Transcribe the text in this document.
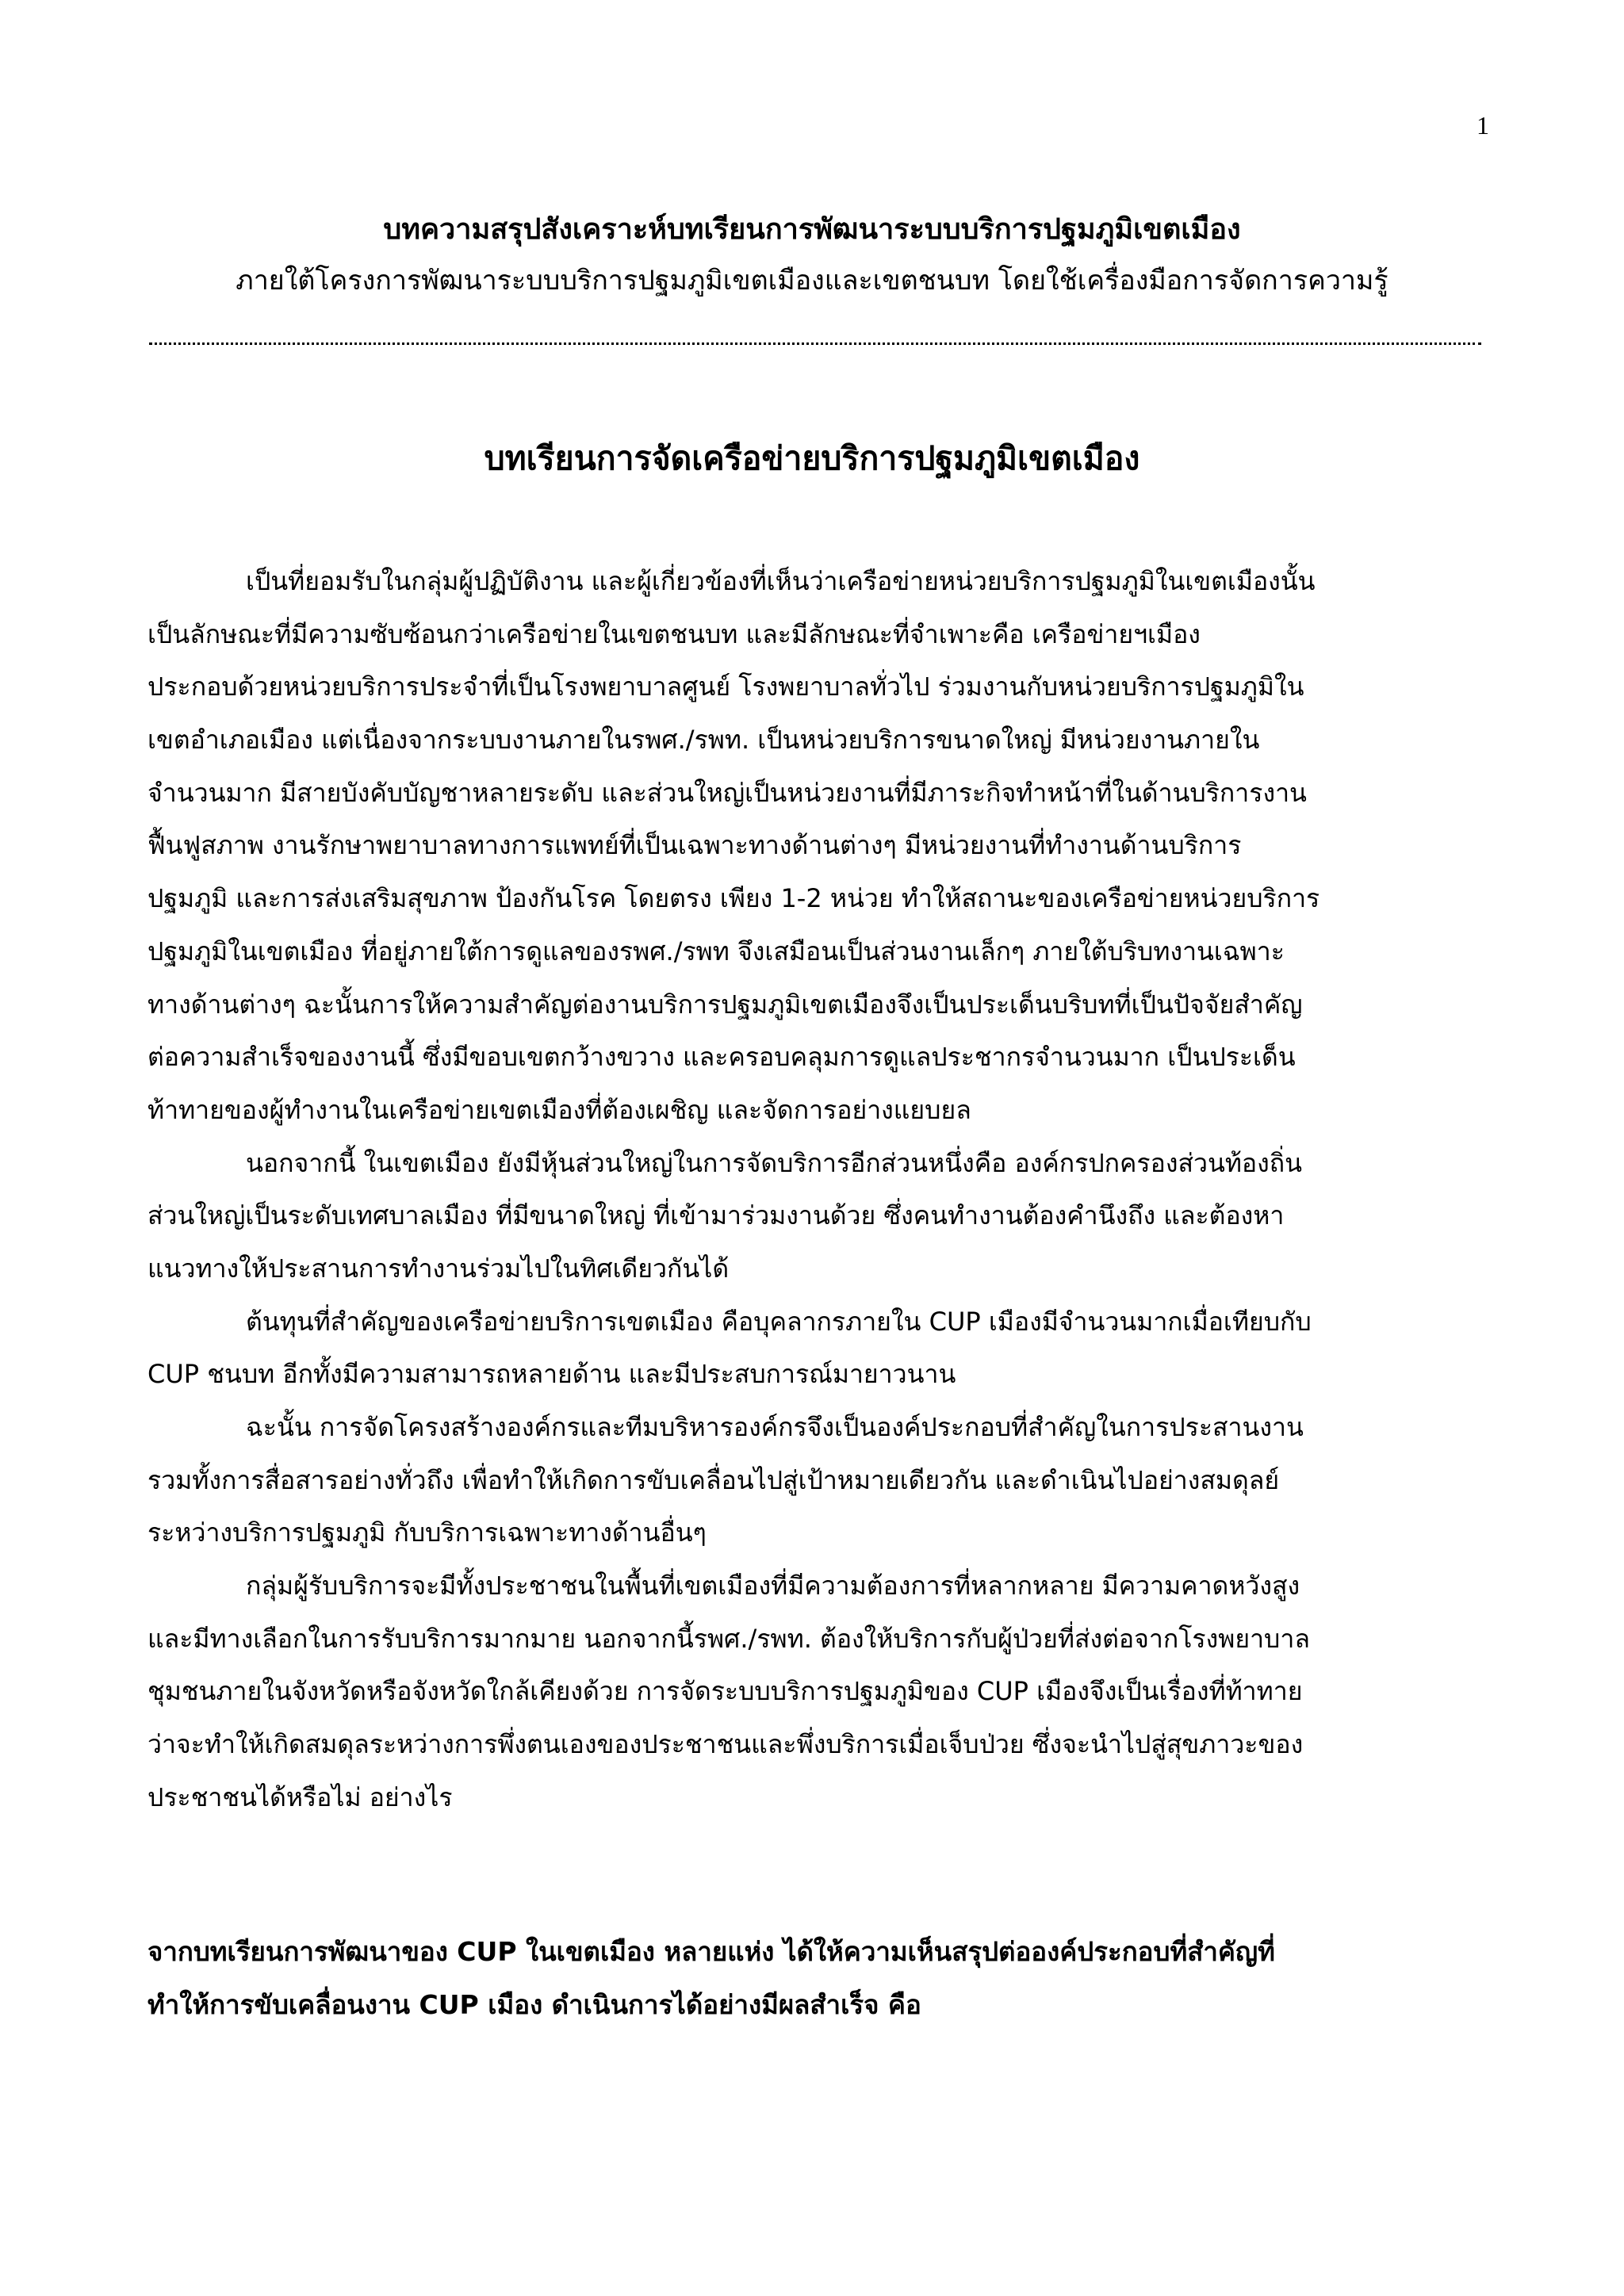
1
บทความสรุปสังเคราะห์บทเรียนการพัฒนาระบบบริการปฐมภูมิเขตเมือง
ภายใต้โครงการพัฒนาระบบบริการปฐมภูมิเขตเมืองและเขตชนบท โดยใช้เครื่องมือการจัดการความรู้
บทเรียนการจัดเครือข่ายบริการปฐมภูมิเขตเมือง
เป็นที่ยอมรับในกลุ่มผู้ปฏิบัติงาน และผู้เกี่ยวข้องที่เห็นว่าเครือข่ายหน่วยบริการปฐมภูมิในเขตเมืองนั้น
เป็นลักษณะที่มีความซับซ้อนกว่าเครือข่ายในเขตชนบท และมีลักษณะที่จำเพาะคือ เครือข่ายฯเมือง
ประกอบด้วยหน่วยบริการประจำที่เป็นโรงพยาบาลศูนย์ โรงพยาบาลทั่วไป ร่วมงานกับหน่วยบริการปฐมภูมิใน
เขตอำเภอเมือง แต่เนื่องจากระบบงานภายในรพศ./รพท. เป็นหน่วยบริการขนาดใหญ่ มีหน่วยงานภายใน
จำนวนมาก มีสายบังคับบัญชาหลายระดับ และส่วนใหญ่เป็นหน่วยงานที่มีภาระกิจทำหน้าที่ในด้านบริการงาน
ฟื้นฟูสภาพ งานรักษาพยาบาลทางการแพทย์ที่เป็นเฉพาะทางด้านต่างๆ มีหน่วยงานที่ทำงานด้านบริการ
ปฐมภูมิ และการส่งเสริมสุขภาพ ป้องกันโรค โดยตรง เพียง 1-2 หน่วย ทำให้สถานะของเครือข่ายหน่วยบริการ
ปฐมภูมิในเขตเมือง ที่อยู่ภายใต้การดูแลของรพศ./รพท จึงเสมือนเป็นส่วนงานเล็กๆ ภายใต้บริบทงานเฉพาะ
ทางด้านต่างๆ ฉะนั้นการให้ความสำคัญต่องานบริการปฐมภูมิเขตเมืองจึงเป็นประเด็นบริบทที่เป็นปัจจัยสำคัญ
ต่อความสำเร็จของงานนี้ ซึ่งมีขอบเขตกว้างขวาง และครอบคลุมการดูแลประชากรจำนวนมาก เป็นประเด็น
ท้าทายของผู้ทำงานในเครือข่ายเขตเมืองที่ต้องเผชิญ และจัดการอย่างแยบยล
นอกจากนี้ ในเขตเมือง ยังมีหุ้นส่วนใหญ่ในการจัดบริการอีกส่วนหนึ่งคือ องค์กรปกครองส่วนท้องถิ่น
ส่วนใหญ่เป็นระดับเทศบาลเมือง ที่มีขนาดใหญ่ ที่เข้ามาร่วมงานด้วย ซึ่งคนทำงานต้องคำนึงถึง และต้องหา
แนวทางให้ประสานการทำงานร่วมไปในทิศเดียวกันได้
ต้นทุนที่สำคัญของเครือข่ายบริการเขตเมือง คือบุคลากรภายใน CUP เมืองมีจำนวนมากเมื่อเทียบกับ
CUP ชนบท อีกทั้งมีความสามารถหลายด้าน และมีประสบการณ์มายาวนาน
ฉะนั้น การจัดโครงสร้างองค์กรและทีมบริหารองค์กรจึงเป็นองค์ประกอบที่สำคัญในการประสานงาน
รวมทั้งการสื่อสารอย่างทั่วถึง เพื่อทำให้เกิดการขับเคลื่อนไปสู่เป้าหมายเดียวกัน และดำเนินไปอย่างสมดุลย์
ระหว่างบริการปฐมภูมิ กับบริการเฉพาะทางด้านอื่นๆ
กลุ่มผู้รับบริการจะมีทั้งประชาชนในพื้นที่เขตเมืองที่มีความต้องการที่หลากหลาย มีความคาดหวังสูง
และมีทางเลือกในการรับบริการมากมาย นอกจากนี้รพศ./รพท. ต้องให้บริการกับผู้ป่วยที่ส่งต่อจากโรงพยาบาล
ชุมชนภายในจังหวัดหรือจังหวัดใกล้เคียงด้วย การจัดระบบบริการปฐมภูมิของ CUP เมืองจึงเป็นเรื่องที่ท้าทาย
ว่าจะทำให้เกิดสมดุลระหว่างการพึ่งตนเองของประชาชนและพึ่งบริการเมื่อเจ็บป่วย ซึ่งจะนำไปสู่สุขภาวะของ
ประชาชนได้หรือไม่ อย่างไร
จากบทเรียนการพัฒนาของ CUP ในเขตเมือง หลายแห่ง ได้ให้ความเห็นสรุปต่อองค์ประกอบที่สำคัญที่
ทำให้การขับเคลื่อนงาน CUP เมือง ดำเนินการได้อย่างมีผลสำเร็จ คือ
